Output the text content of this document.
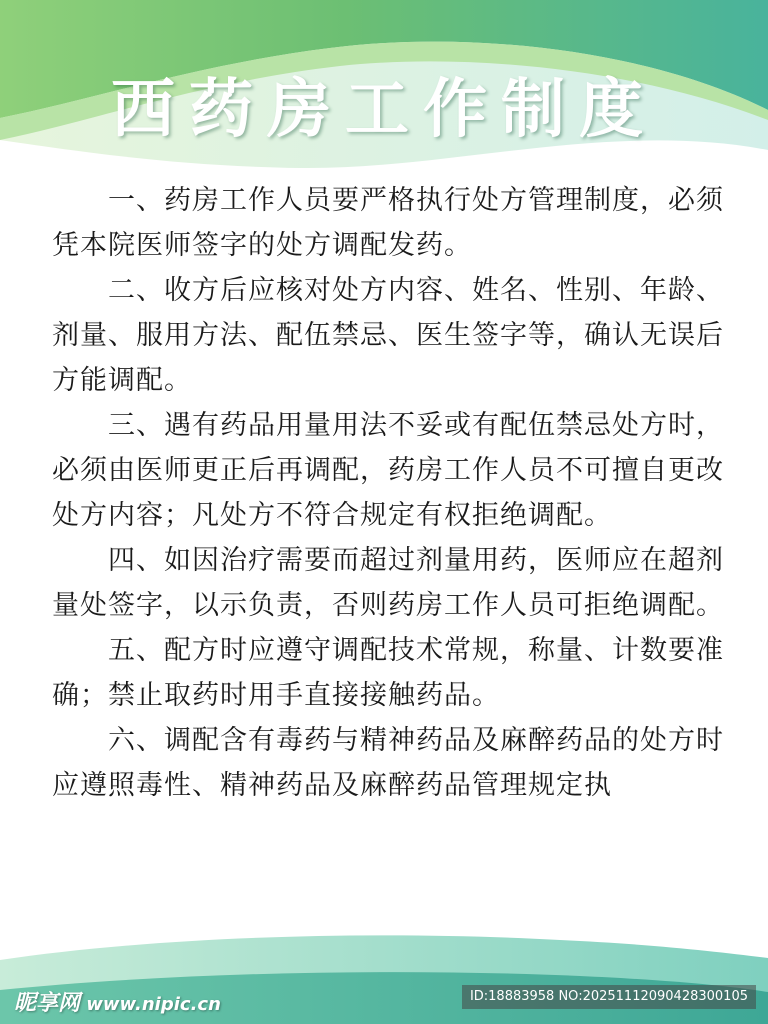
西药房工作制度

一、药房工作人员要严格执行处方管理制度，必须凭本院医师签字的处方调配发药。

二、收方后应核对处方内容、姓名、性别、年龄、剂量、服用方法、配伍禁忌、医生签字等，确认无误后方能调配。

三、遇有药品用量用法不妥或有配伍禁忌处方时，必须由医师更正后再调配，药房工作人员不可擅自更改处方内容；凡处方不符合规定有权拒绝调配。

四、如因治疗需要而超过剂量用药，医师应在超剂量处签字，以示负责，否则药房工作人员可拒绝调配。

五、配方时应遵守调配技术常规，称量、计数要准确；禁止取药时用手直接接触药品。

六、调配含有毒药与精神药品及麻醉药品的处方时应遵照毒性、精神药品及麻醉药品管理规定执

昵享网 www.nipic.cn	ID:18883958 NO:20251112090428300105
